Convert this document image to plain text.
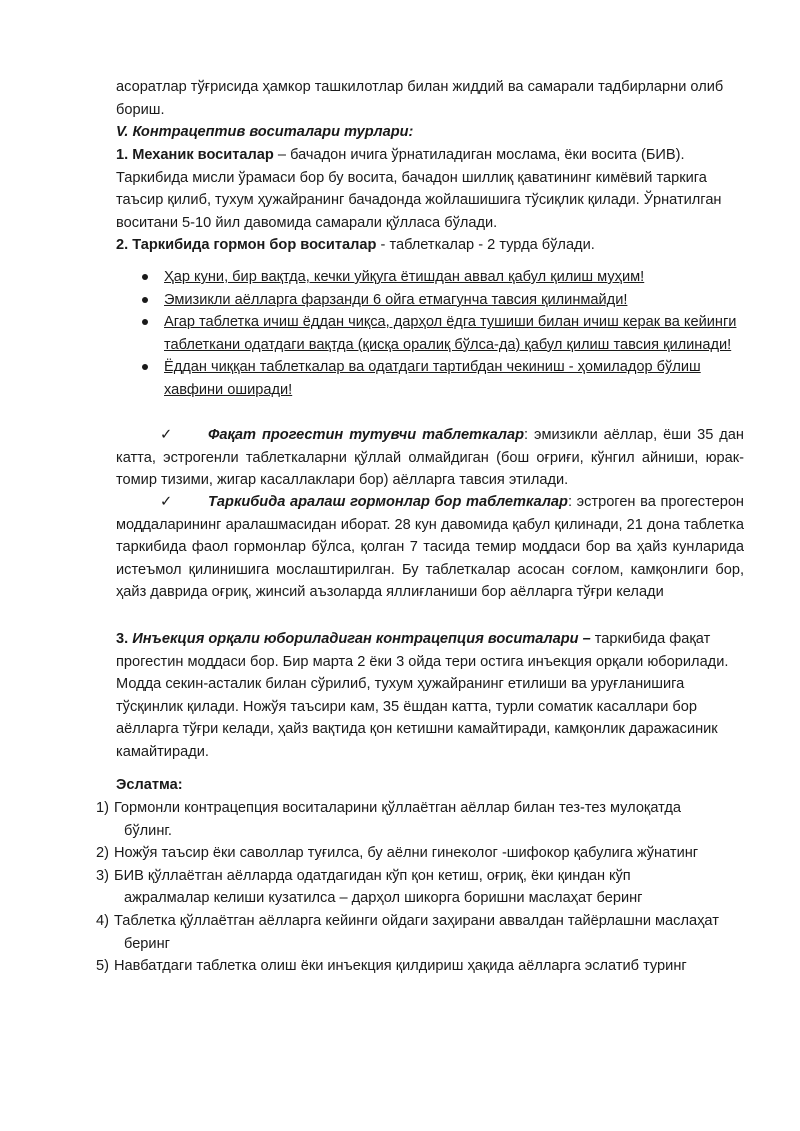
асоратлар тўғрисида ҳамкор ташкилотлар билан жиддий ва самарали тадбирларни олиб
бориш.

V. Контрацептив воситалари турлари:

1. Механик воситалар – бачадон ичига ўрнатиладиган мослама, ёки восита (БИВ). Таркибида мисли ўрамаси бор бу восита, бачадон шиллиқ қаватининг кимёвий таркига таъсир қилиб, тухум ҳужайранинг бачадонда жойлашишига тўсиқлик қилади. Ўрнатилган воситани 5-10 йил давомида самарали қўлласа бўлади.

2. Таркибида гормон бор воситалар - таблеткалар - 2 турда бўлади.

Ҳар куни, бир вақтда, кечки уйқуга ётишдан аввал қабул қилиш муҳим!
Эмизикли аёлларга фарзанди 6 ойга етмагунча тавсия қилинмайди!
Агар таблетка ичиш ёддан чиқса, дарҳол ёдга тушиши билан ичиш керак ва кейинги таблеткани одатдаги вақтда (қисқа оралиқ бўлса-да) қабул қилиш тавсия қилинади!
Ёддан чиққан таблеткалар ва одатдаги тартибдан чекиниш - ҳомиладор бўлиш хавфини оширади!

✓ Фақат прогестин тутувчи таблеткалар: эмизикли аёллар, ёши 35 дан катта, эстрогенли таблеткаларни қўллай олмайдиган (бош оғриғи, кўнгил айниши, юрак-томир тизими, жигар касаллаклари бор) аёлларга тавсия этилади.

✓ Таркибида аралаш гормонлар бор таблеткалар: эстроген ва прогестерон моддаларининг аралашмасидан иборат. 28 кун давомида қабул қилинади, 21 дона таблетка таркибида фаол гормонлар бўлса, қолган 7 тасида темир моддаси бор ва ҳайз кунларида истеъмол қилинишига мослаштирилган. Бу таблеткалар асосан соғлом, камқонлиги бор, ҳайз даврида оғриқ, жинсий аъзоларда яллиғланиши бор аёлларга тўғри келади

3. Инъекция орқали юбориладиган контрацепция воситалари – таркибида фақат прогестин моддаси бор. Бир марта 2 ёки 3 ойда тери остига инъекция орқали юборилади. Модда секин-асталик билан сўрилиб, тухум ҳужайранинг етилиши ва уруғланишига тўсқинлик қилади. Ножўя таъсири кам, 35 ёшдан катта, турли соматик касаллари бор аёлларга тўғри келади, ҳайз вақтида қон кетишни камайтиради, камқонлик даражасиник камайтиради.

Эслатма:

1) Гормонли контрацепция воситаларини қўллаётган аёллар билан тез-тез мулоқатда
бўлинг.
2) Ножўя таъсир ёки саволлар туғилса, бу аёлни гинеколог -шифокор қабулига жўнатинг
3) БИВ қўллаётган аёлларда одатдагидан кўп қон кетиш, оғриқ, ёки қиндан кўп
ажралмалар келиши кузатилса – дарҳол шикорга боришни маслаҳат беринг
4) Таблетка қўллаётган аёлларга кейинги ойдаги заҳирани аввалдан тайёрлашни маслаҳат
беринг
5) Навбатдаги таблетка олиш ёки инъекция қилдириш ҳақида аёлларга эслатиб туринг
